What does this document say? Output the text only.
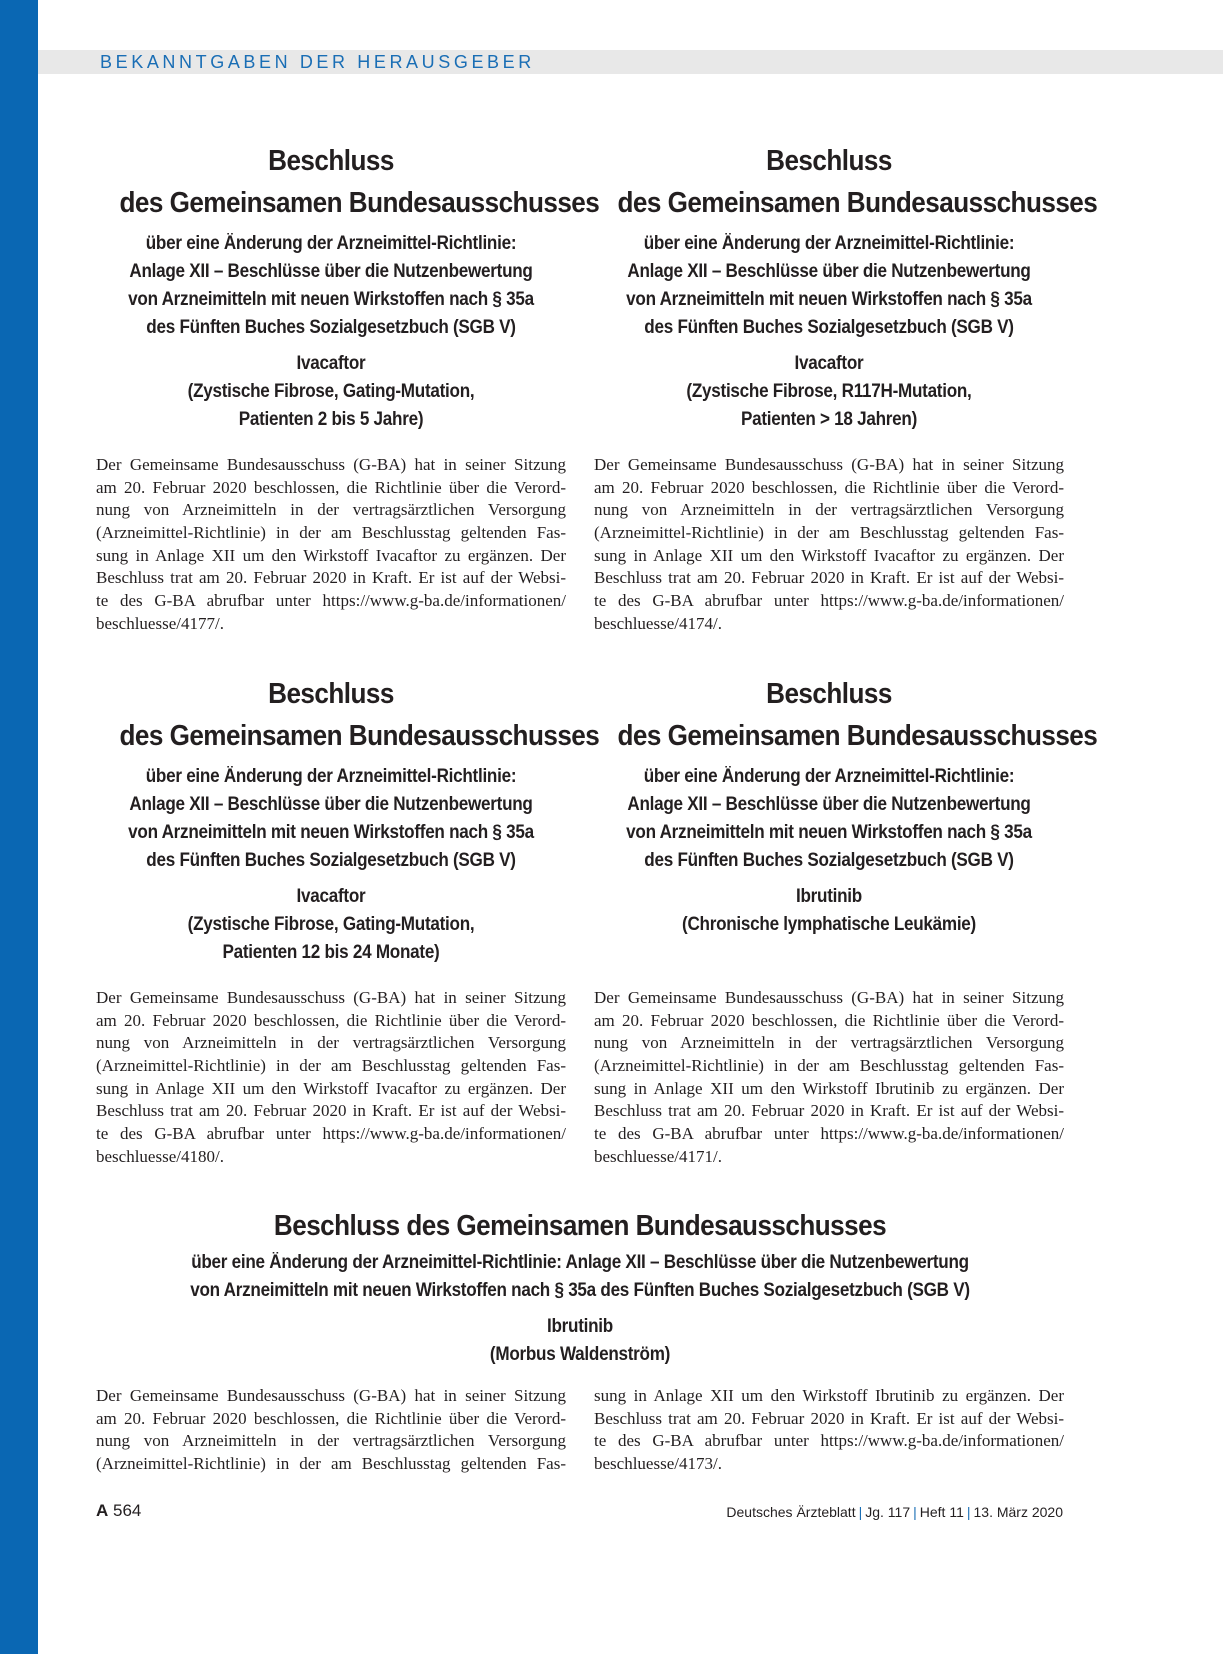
BEKANNTGABEN DER HERAUSGEBER
Beschluss
des Gemeinsamen Bundesausschusses
über eine Änderung der Arzneimittel-Richtlinie:
Anlage XII – Beschlüsse über die Nutzenbewertung
von Arzneimitteln mit neuen Wirkstoffen nach § 35a
des Fünften Buches Sozialgesetzbuch (SGB V)
Ivacaftor
(Zystische Fibrose, Gating-Mutation,
Patienten 2 bis 5 Jahre)
Der Gemeinsame Bundesausschuss (G-BA) hat in seiner Sitzung
am 20. Februar 2020 beschlossen, die Richtlinie über die Verord-
nung von Arzneimitteln in der vertragsärztlichen Versorgung
(Arzneimittel-Richtlinie) in der am Beschlusstag geltenden Fas-
sung in Anlage XII um den Wirkstoff Ivacaftor zu ergänzen. Der
Beschluss trat am 20. Februar 2020 in Kraft. Er ist auf der Websi-
te des G-BA abrufbar unter https://www.g-ba.de/informationen/
beschluesse/4177/.
Beschluss
des Gemeinsamen Bundesausschusses
über eine Änderung der Arzneimittel-Richtlinie:
Anlage XII – Beschlüsse über die Nutzenbewertung
von Arzneimitteln mit neuen Wirkstoffen nach § 35a
des Fünften Buches Sozialgesetzbuch (SGB V)
Ivacaftor
(Zystische Fibrose, R117H-Mutation,
Patienten > 18 Jahren)
Der Gemeinsame Bundesausschuss (G-BA) hat in seiner Sitzung
am 20. Februar 2020 beschlossen, die Richtlinie über die Verord-
nung von Arzneimitteln in der vertragsärztlichen Versorgung
(Arzneimittel-Richtlinie) in der am Beschlusstag geltenden Fas-
sung in Anlage XII um den Wirkstoff Ivacaftor zu ergänzen. Der
Beschluss trat am 20. Februar 2020 in Kraft. Er ist auf der Websi-
te des G-BA abrufbar unter https://www.g-ba.de/informationen/
beschluesse/4174/.
Beschluss
des Gemeinsamen Bundesausschusses
über eine Änderung der Arzneimittel-Richtlinie:
Anlage XII – Beschlüsse über die Nutzenbewertung
von Arzneimitteln mit neuen Wirkstoffen nach § 35a
des Fünften Buches Sozialgesetzbuch (SGB V)
Ivacaftor
(Zystische Fibrose, Gating-Mutation,
Patienten 12 bis 24 Monate)
Der Gemeinsame Bundesausschuss (G-BA) hat in seiner Sitzung
am 20. Februar 2020 beschlossen, die Richtlinie über die Verord-
nung von Arzneimitteln in der vertragsärztlichen Versorgung
(Arzneimittel-Richtlinie) in der am Beschlusstag geltenden Fas-
sung in Anlage XII um den Wirkstoff Ivacaftor zu ergänzen. Der
Beschluss trat am 20. Februar 2020 in Kraft. Er ist auf der Websi-
te des G-BA abrufbar unter https://www.g-ba.de/informationen/
beschluesse/4180/.
Beschluss
des Gemeinsamen Bundesausschusses
über eine Änderung der Arzneimittel-Richtlinie:
Anlage XII – Beschlüsse über die Nutzenbewertung
von Arzneimitteln mit neuen Wirkstoffen nach § 35a
des Fünften Buches Sozialgesetzbuch (SGB V)
Ibrutinib
(Chronische lymphatische Leukämie)
Der Gemeinsame Bundesausschuss (G-BA) hat in seiner Sitzung
am 20. Februar 2020 beschlossen, die Richtlinie über die Verord-
nung von Arzneimitteln in der vertragsärztlichen Versorgung
(Arzneimittel-Richtlinie) in der am Beschlusstag geltenden Fas-
sung in Anlage XII um den Wirkstoff Ibrutinib zu ergänzen. Der
Beschluss trat am 20. Februar 2020 in Kraft. Er ist auf der Websi-
te des G-BA abrufbar unter https://www.g-ba.de/informationen/
beschluesse/4171/.
Beschluss des Gemeinsamen Bundesausschusses
über eine Änderung der Arzneimittel-Richtlinie: Anlage XII – Beschlüsse über die Nutzenbewertung
von Arzneimitteln mit neuen Wirkstoffen nach § 35a des Fünften Buches Sozialgesetzbuch (SGB V)
Ibrutinib
(Morbus Waldenström)
Der Gemeinsame Bundesausschuss (G-BA) hat in seiner Sitzung
am 20. Februar 2020 beschlossen, die Richtlinie über die Verord-
nung von Arzneimitteln in der vertragsärztlichen Versorgung
(Arzneimittel-Richtlinie) in der am Beschlusstag geltenden Fas-
sung in Anlage XII um den Wirkstoff Ibrutinib zu ergänzen. Der
Beschluss trat am 20. Februar 2020 in Kraft. Er ist auf der Websi-
te des G-BA abrufbar unter https://www.g-ba.de/informationen/
beschluesse/4173/.
A 564	Deutsches Ärzteblatt | Jg. 117 | Heft 11 | 13. März 2020
